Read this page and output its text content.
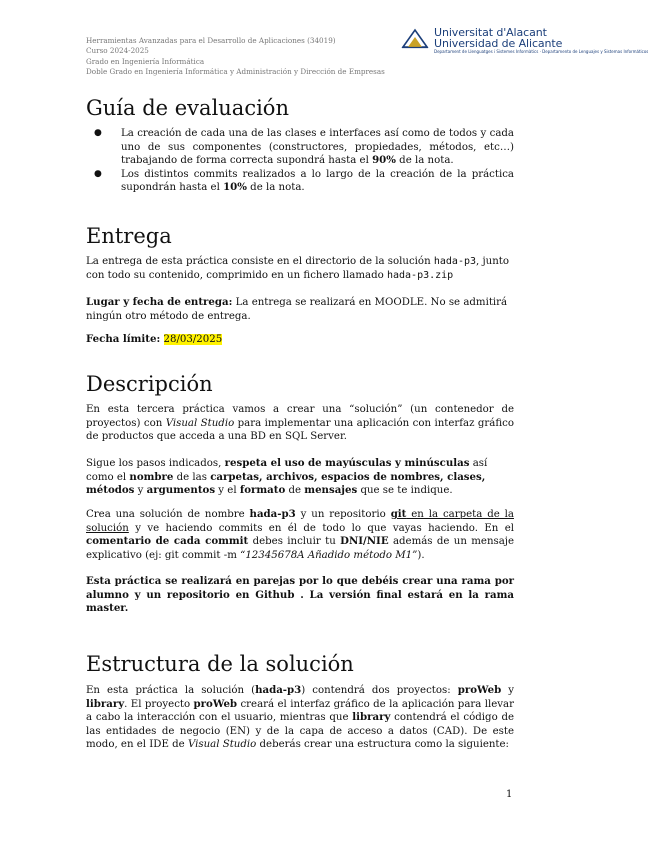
Herramientas Avanzadas para el Desarrollo de Aplicaciones (34019)
Curso 2024-2025
Grado en Ingeniería Informática
Doble Grado en Ingeniería Informática y Administración y Dirección de Empresas
Universitat d'Alacant
Universidad de Alicante
Departament de Llenguatges i Sistemes Informàtics · Departamento de Lenguajes y Sistemas Informáticos
Guía de evaluación
● La creación de cada una de las clases e interfaces así como de todos y cada uno de sus componentes (constructores, propiedades, métodos, etc…) trabajando de forma correcta supondrá hasta el 90% de la nota.
● Los distintos commits realizados a lo largo de la creación de la práctica supondrán hasta el 10% de la nota.
Entrega

La entrega de esta práctica consiste en el directorio de la solución hada-p3, junto con todo su contenido, comprimido en un fichero llamado hada-p3.zip

Lugar y fecha de entrega: La entrega se realizará en MOODLE. No se admitirá ningún otro método de entrega.

Fecha límite: 28/03/2025

Descripción

En esta tercera práctica vamos a crear una “solución” (un contenedor de proyectos) con Visual Studio para implementar una aplicación con interfaz gráfico de productos que acceda a una BD en SQL Server.

Sigue los pasos indicados, respeta el uso de mayúsculas y minúsculas así como el nombre de las carpetas, archivos, espacios de nombres, clases, métodos y argumentos y el formato de mensajes que se te indique.

Crea una solución de nombre hada-p3 y un repositorio git en la carpeta de la solución y ve haciendo commits en él de todo lo que vayas haciendo. En el comentario de cada commit debes incluir tu DNI/NIE además de un mensaje explicativo (ej: git commit -m “12345678A Añadido método M1”).

Esta práctica se realizará en parejas por lo que debéis crear una rama por alumno y un repositorio en Github . La versión final estará en la rama master.

Estructura de la solución

En esta práctica la solución (hada-p3) contendrá dos proyectos: proWeb y library. El proyecto proWeb creará el interfaz gráfico de la aplicación para llevar a cabo la interacción con el usuario, mientras que library contendrá el código de las entidades de negocio (EN) y de la capa de acceso a datos (CAD). De este modo, en el IDE de Visual Studio deberás crear una estructura como la siguiente:

1
